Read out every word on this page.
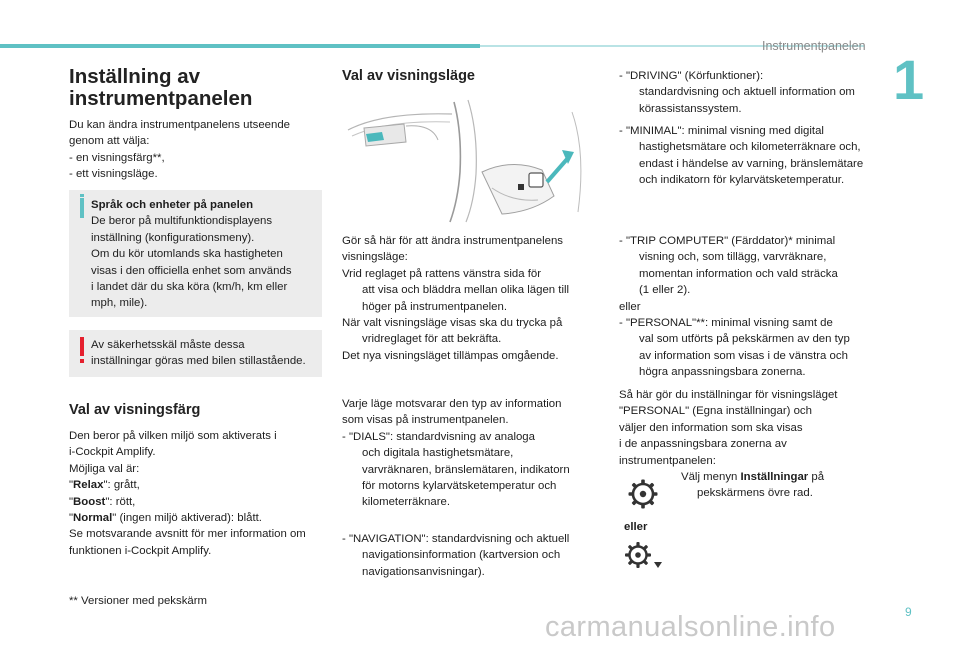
Instrumentpanelen
1
Inställning av instrumentpanelen

Du kan ändra instrumentpanelens utseende

genom att välja:

- en visningsfärg**,

- ett visningsläge.

Språk och enheter på panelen

De beror på multifunktiondisplayens

inställning (konfigurationsmeny).

Om du kör utomlands ska hastigheten

visas i den officiella enhet som används

i landet där du ska köra (km/h, km eller

mph, mile).

Av säkerhetsskäl måste dessa

inställningar göras med bilen stillastående.

Val av visningsfärg

Den beror på vilken miljö som aktiverats i

i-Cockpit Amplify.

Möjliga val är:

"Relax": grått,

"Boost": rött,

"Normal" (ingen miljö aktiverad): blått.

Se motsvarande avsnitt för mer information om

funktionen i-Cockpit Amplify.

** Versioner med pekskärm
Val av visningsläge

Gör så här för att ändra instrumentpanelens

visningsläge:

Vrid reglaget på rattens vänstra sida för
att visa och bläddra mellan olika lägen till
höger på instrumentpanelen.
När valt visningsläge visas ska du trycka på
vridreglaget för att bekräfta.

Det nya visningsläget tillämpas omgående.

Varje läge motsvarar den typ av information

som visas på instrumentpanelen.

- "DIALS": standardvisning av analoga
och digitala hastighetsmätare,
varvräknaren, bränslemätaren, indikatorn
för motorns kylarvätsketemperatur och
kilometerräknare.
- "NAVIGATION": standardvisning och aktuell
navigationsinformation (kartversion och
navigationsanvisningar).
- "DRIVING" (Körfunktioner):
standardvisning och aktuell information om
körassistanssystem.
- "MINIMAL": minimal visning med digital
hastighetsmätare och kilometerräknare och,
endast i händelse av varning, bränslemätare
och indikatorn för kylarvätsketemperatur.
- "TRIP COMPUTER" (Färddator)* minimal
visning och, som tillägg, varvräknare,
momentan information och vald sträcka
(1 eller 2).

eller

- "PERSONAL"**: minimal visning samt de
val som utförts på pekskärmen av den typ
av information som visas i de vänstra och
högra anpassningsbara zonerna.

Så här gör du inställningar för visningsläget

"PERSONAL" (Egna inställningar) och

väljer den information som ska visas

i de anpassningsbara zonerna av

instrumentpanelen:

Välj menyn Inställningar på

pekskärmens övre rad.

eller
9
carmanualsonline.info
